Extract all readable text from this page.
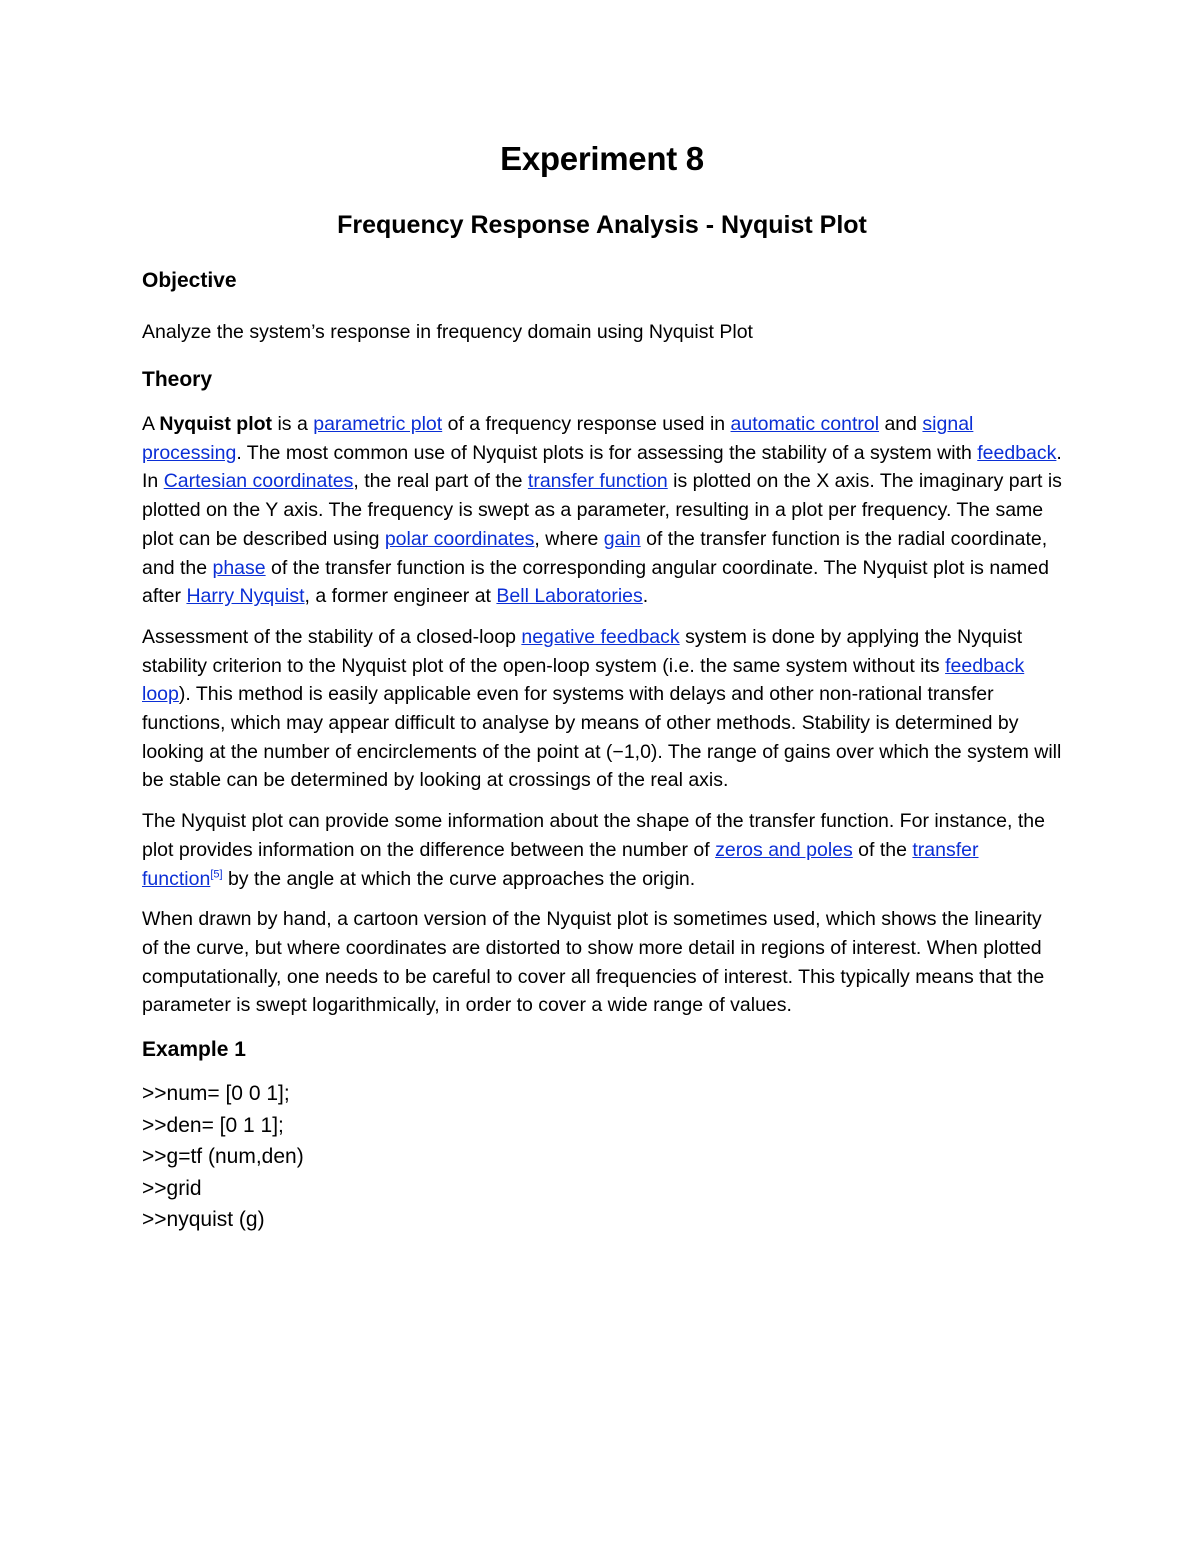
Experiment 8
Frequency Response Analysis - Nyquist Plot
Objective

Analyze the system’s response in frequency domain using Nyquist Plot

Theory

A Nyquist plot is a parametric plot of a frequency response used in automatic control and signal processing. The most common use of Nyquist plots is for assessing the stability of a system with feedback. In Cartesian coordinates, the real part of the transfer function is plotted on the X axis. The imaginary part is plotted on the Y axis. The frequency is swept as a parameter, resulting in a plot per frequency. The same plot can be described using polar coordinates, where gain of the transfer function is the radial coordinate, and the phase of the transfer function is the corresponding angular coordinate. The Nyquist plot is named after Harry Nyquist, a former engineer at Bell Laboratories.

Assessment of the stability of a closed-loop negative feedback system is done by applying the Nyquist stability criterion to the Nyquist plot of the open-loop system (i.e. the same system without its feedback loop). This method is easily applicable even for systems with delays and other non-rational transfer functions, which may appear difficult to analyse by means of other methods. Stability is determined by looking at the number of encirclements of the point at (−1,0). The range of gains over which the system will be stable can be determined by looking at crossings of the real axis.

The Nyquist plot can provide some information about the shape of the transfer function. For instance, the plot provides information on the difference between the number of zeros and poles of the transfer function[5] by the angle at which the curve approaches the origin.

When drawn by hand, a cartoon version of the Nyquist plot is sometimes used, which shows the linearity of the curve, but where coordinates are distorted to show more detail in regions of interest. When plotted computationally, one needs to be careful to cover all frequencies of interest. This typically means that the parameter is swept logarithmically, in order to cover a wide range of values.

Example 1
>>num= [0 0 1];
>>den= [0 1 1];
>>g=tf (num,den)
>>grid
>>nyquist (g)
